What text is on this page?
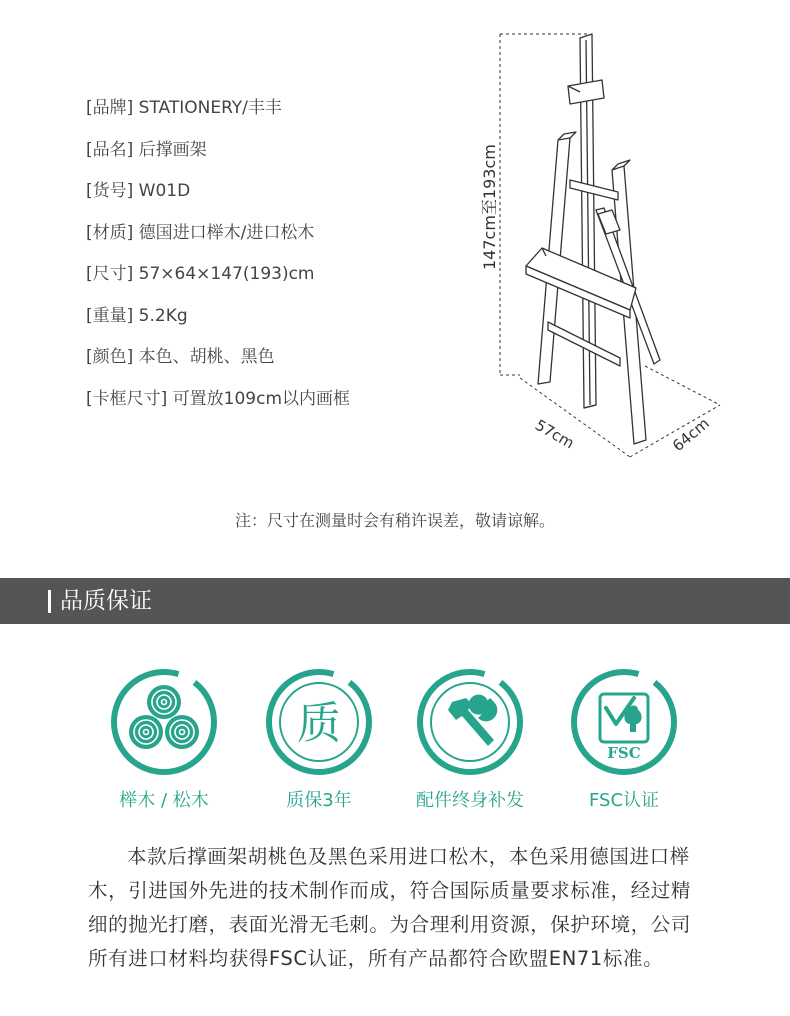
[品牌] STATIONERY/丰丰
[品名] 后撑画架
[货号] W01D
[材质] 德国进口榉木/进口松木
[尺寸] 57×64×147(193)cm
[重量] 5.2Kg
[颜色] 本色、胡桃、黑色
[卡框尺寸] 可置放109cm以内画框
147cm至193cm
57cm	64cm
注：尺寸在测量时会有稍许误差，敬请谅解。
品质保证
榉木 / 松木
质
质保3年	配件终身补发
FSC
FSC认证
本款后撑画架胡桃色及黑色采用进口松木，本色采用德国进口榉木，引进国外先进的技术制作而成，符合国际质量要求标准，经过精细的抛光打磨，表面光滑无毛刺。为合理利用资源，保护环境，公司所有进口材料均获得FSC认证，所有产品都符合欧盟EN71标准。
